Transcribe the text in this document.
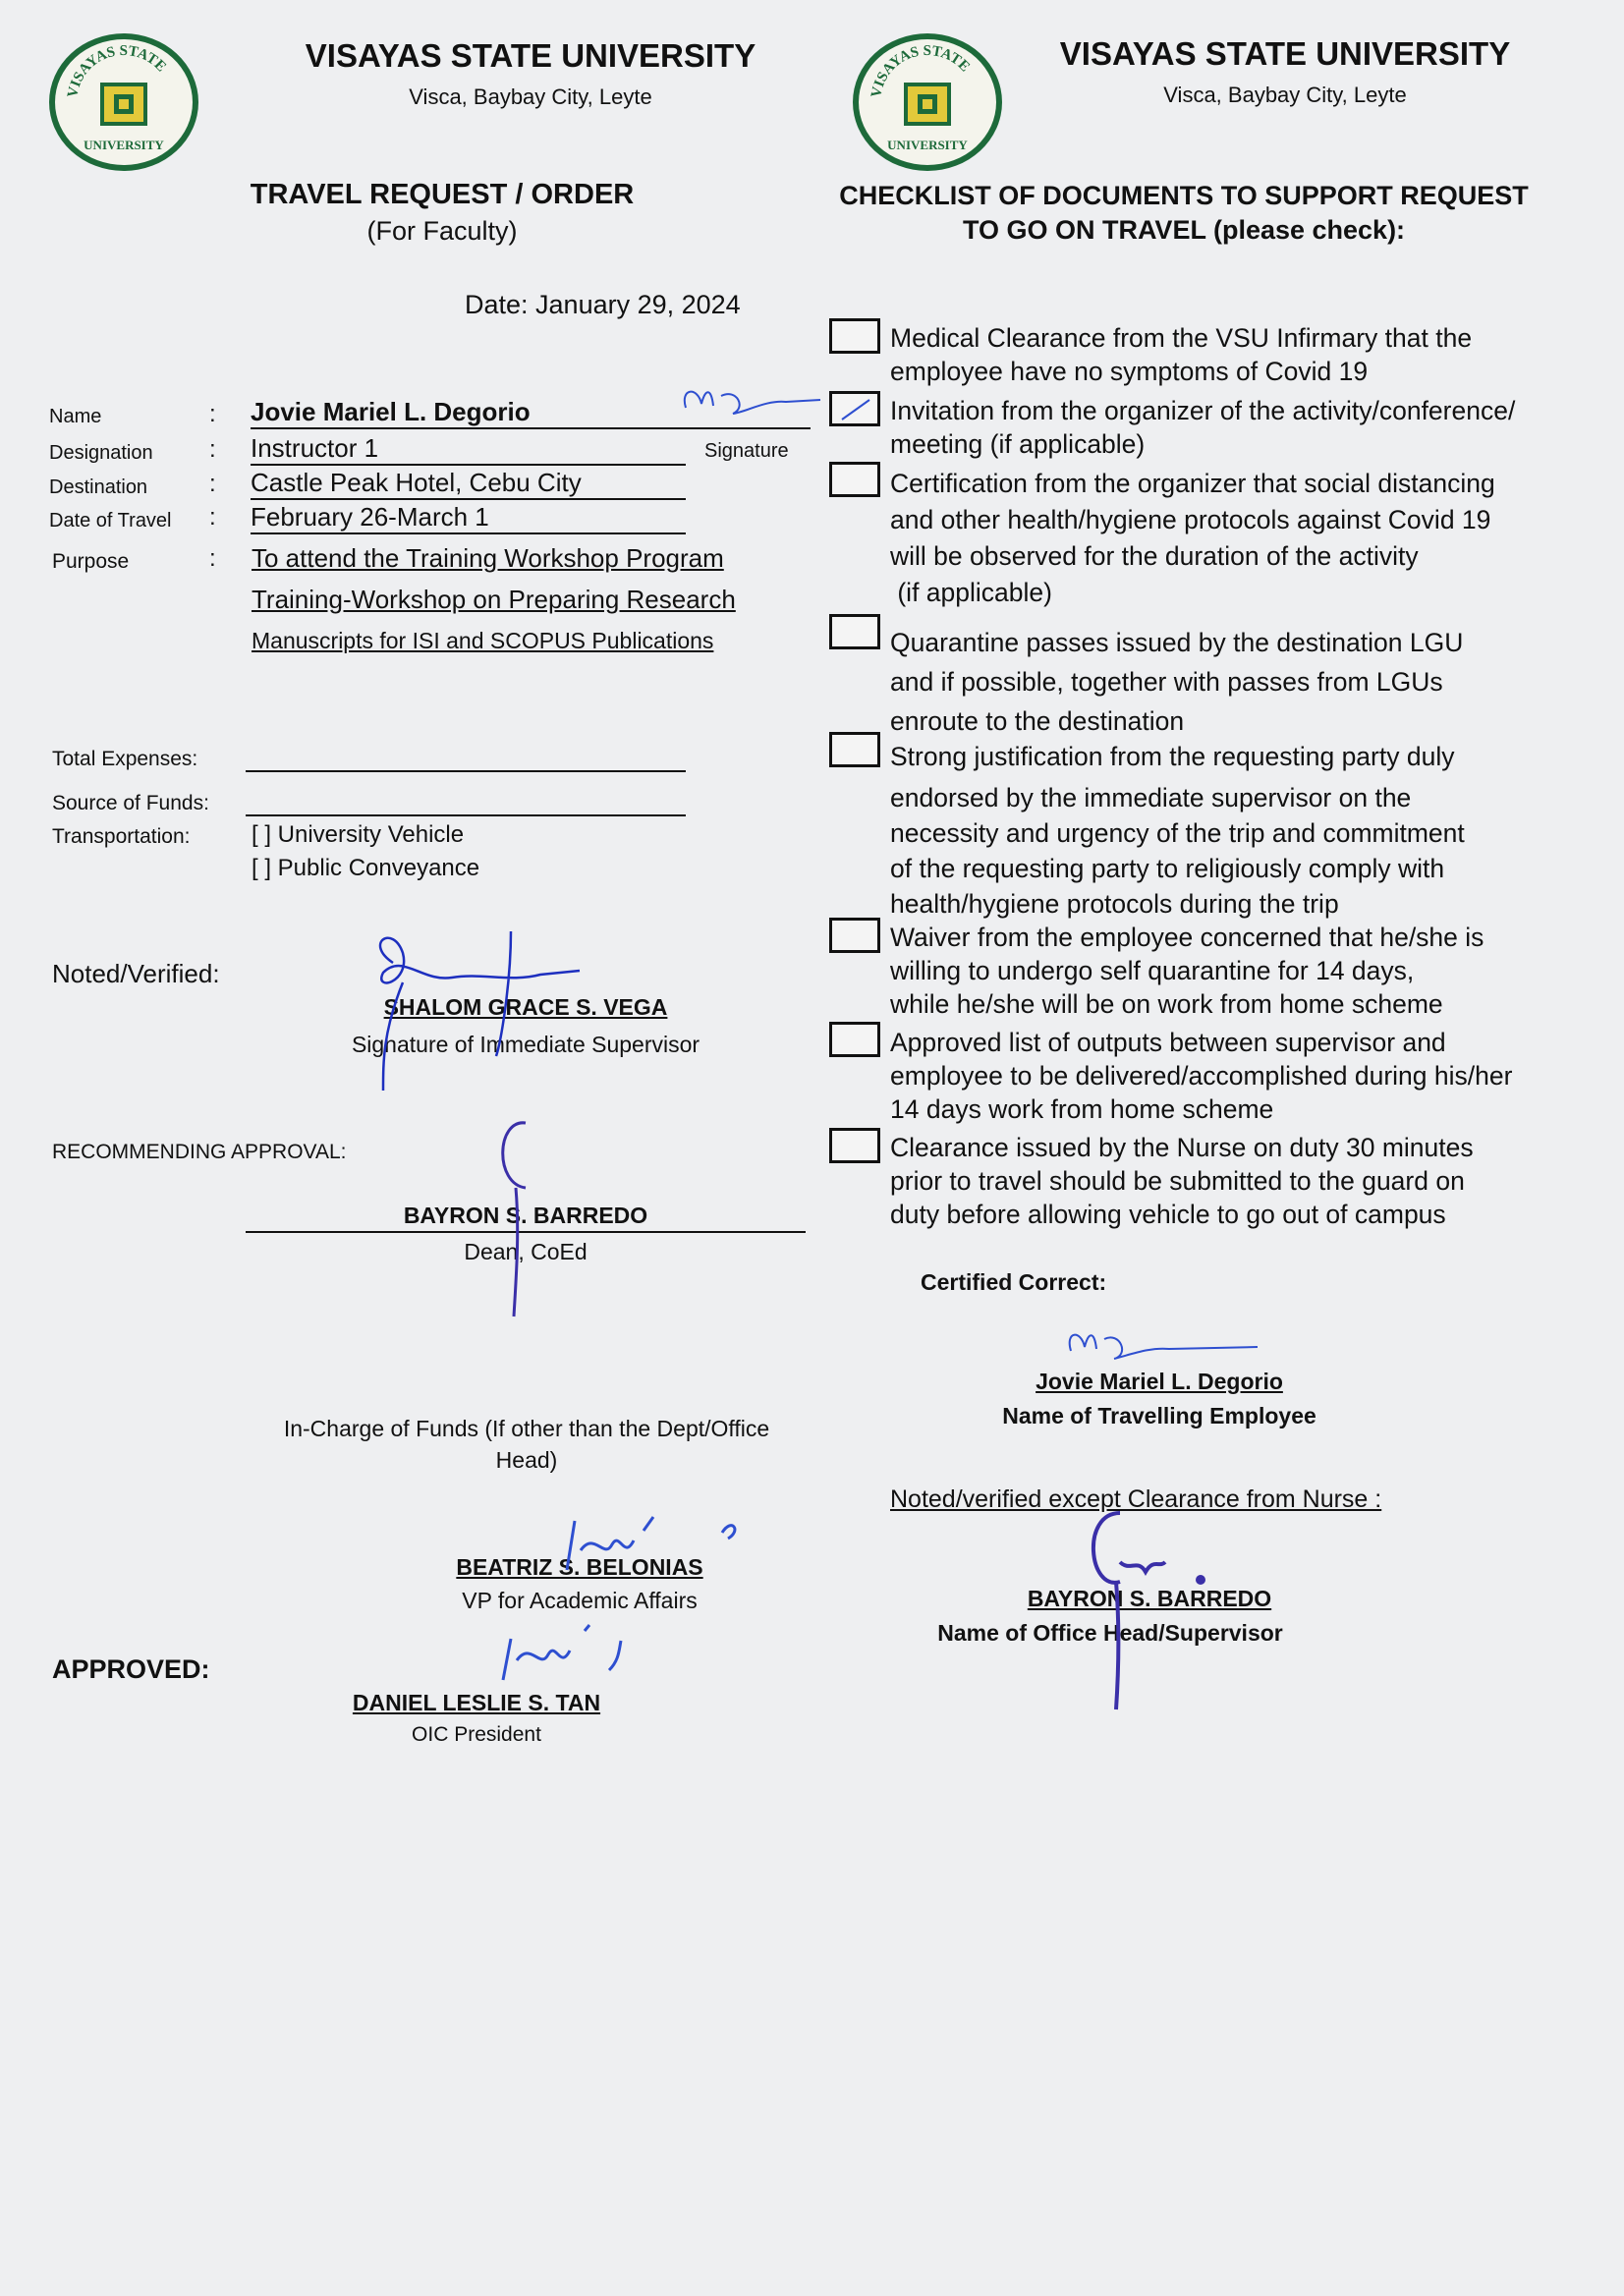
VISAYAS STATE
UNIVERSITY
VISAYAS STATE UNIVERSITY
Visca, Baybay City, Leyte	VISAYAS STATE
UNIVERSITY
VISAYAS STATE UNIVERSITY
Visca, Baybay City, Leyte
TRAVEL REQUEST / ORDER
(For Faculty)
Date: January 29, 2024
Name	: Jovie Mariel L. Degorio
Signature
Designation : Instructor 1
Destination	: Castle Peak Hotel, Cebu City
Date of Travel : February 26-March 1
Purpose	: To attend the Training Workshop Program
Training-Workshop on Preparing Research
Manuscripts for ISI and SCOPUS Publications
Total Expenses:
Source of Funds:
Transportation:	[ ] University Vehicle
[ ] Public Conveyance
Noted/Verified:
SHALOM GRACE S. VEGA
Signature of Immediate Supervisor
RECOMMENDING APPROVAL:
BAYRON S. BARREDO
Dean, CoEd
In-Charge of Funds (If other than the Dept/Office Head)
BEATRIZ S. BELONIAS
VP for Academic Affairs
APPROVED:
DANIEL LESLIE S. TAN
OIC President
CHECKLIST OF DOCUMENTS TO SUPPORT REQUEST
TO GO ON TRAVEL (please check):
Medical Clearance from the VSU Infirmary that the
employee have no symptoms of Covid 19
Invitation from the organizer of the activity/conference/
meeting (if applicable)
Certification from the organizer that social distancing
and other health/hygiene protocols against Covid 19
will be observed for the duration of the activity
(if applicable)
Quarantine passes issued by the destination LGU
and if possible, together with passes from LGUs
enroute to the destination
Strong justification from the requesting party duly
endorsed by the immediate supervisor on the
necessity and urgency of the trip and commitment
of the requesting party to religiously comply with
health/hygiene protocols during the trip
Waiver from the employee concerned that he/she is
willing to undergo self quarantine for 14 days,
while he/she will be on work from home scheme
Approved list of outputs between supervisor and
employee to be delivered/accomplished during his/her
14 days work from home scheme
Clearance issued by the Nurse on duty 30 minutes
prior to travel should be submitted to the guard on
duty before allowing vehicle to go out of campus
Certified Correct:
Jovie Mariel L. Degorio
Name of Travelling Employee
Noted/verified except Clearance from Nurse :
BAYRON S. BARREDO
Name of Office Head/Supervisor
